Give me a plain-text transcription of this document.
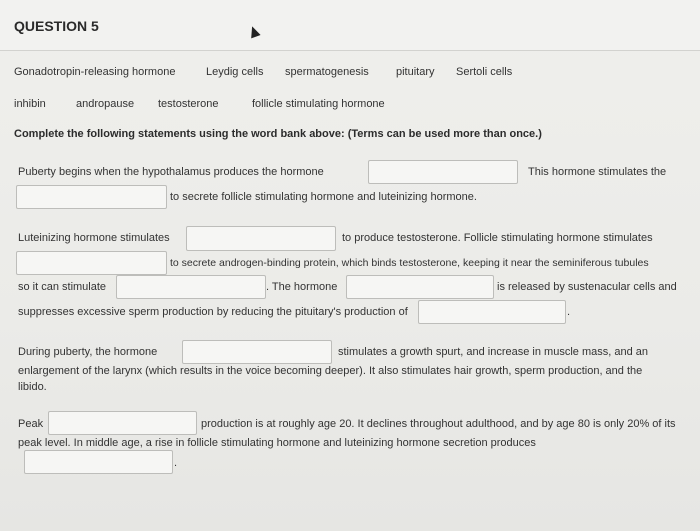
QUESTION 5
Gonadotropin-releasing hormone	Leydig cells spermatogenesis pituitary Sertoli cells
inhibin	andropause testosterone	follicle stimulating hormone
Complete the following statements using the word bank above: (Terms can be used more than once.)
Puberty begins when the hypothalamus produces the hormone	This hormone stimulates the
to secrete follicle stimulating hormone and luteinizing hormone.
Luteinizing hormone stimulates	to produce testosterone. Follicle stimulating hormone stimulates
to secrete androgen-binding protein, which binds testosterone, keeping it near the seminiferous tubules
so it can stimulate	. The hormone	is released by sustenacular cells and
suppresses excessive sperm production by reducing the pituitary's production of	.
During puberty, the hormone	stimulates a growth spurt, and increase in muscle mass, and an
enlargement of the larynx (which results in the voice becoming deeper). It also stimulates hair growth, sperm production, and the
libido.
Peak	production is at roughly age 20. It declines throughout adulthood, and by age 80 is only 20% of its
peak level. In middle age, a rise in follicle stimulating hormone and luteinizing hormone secretion produces
.
